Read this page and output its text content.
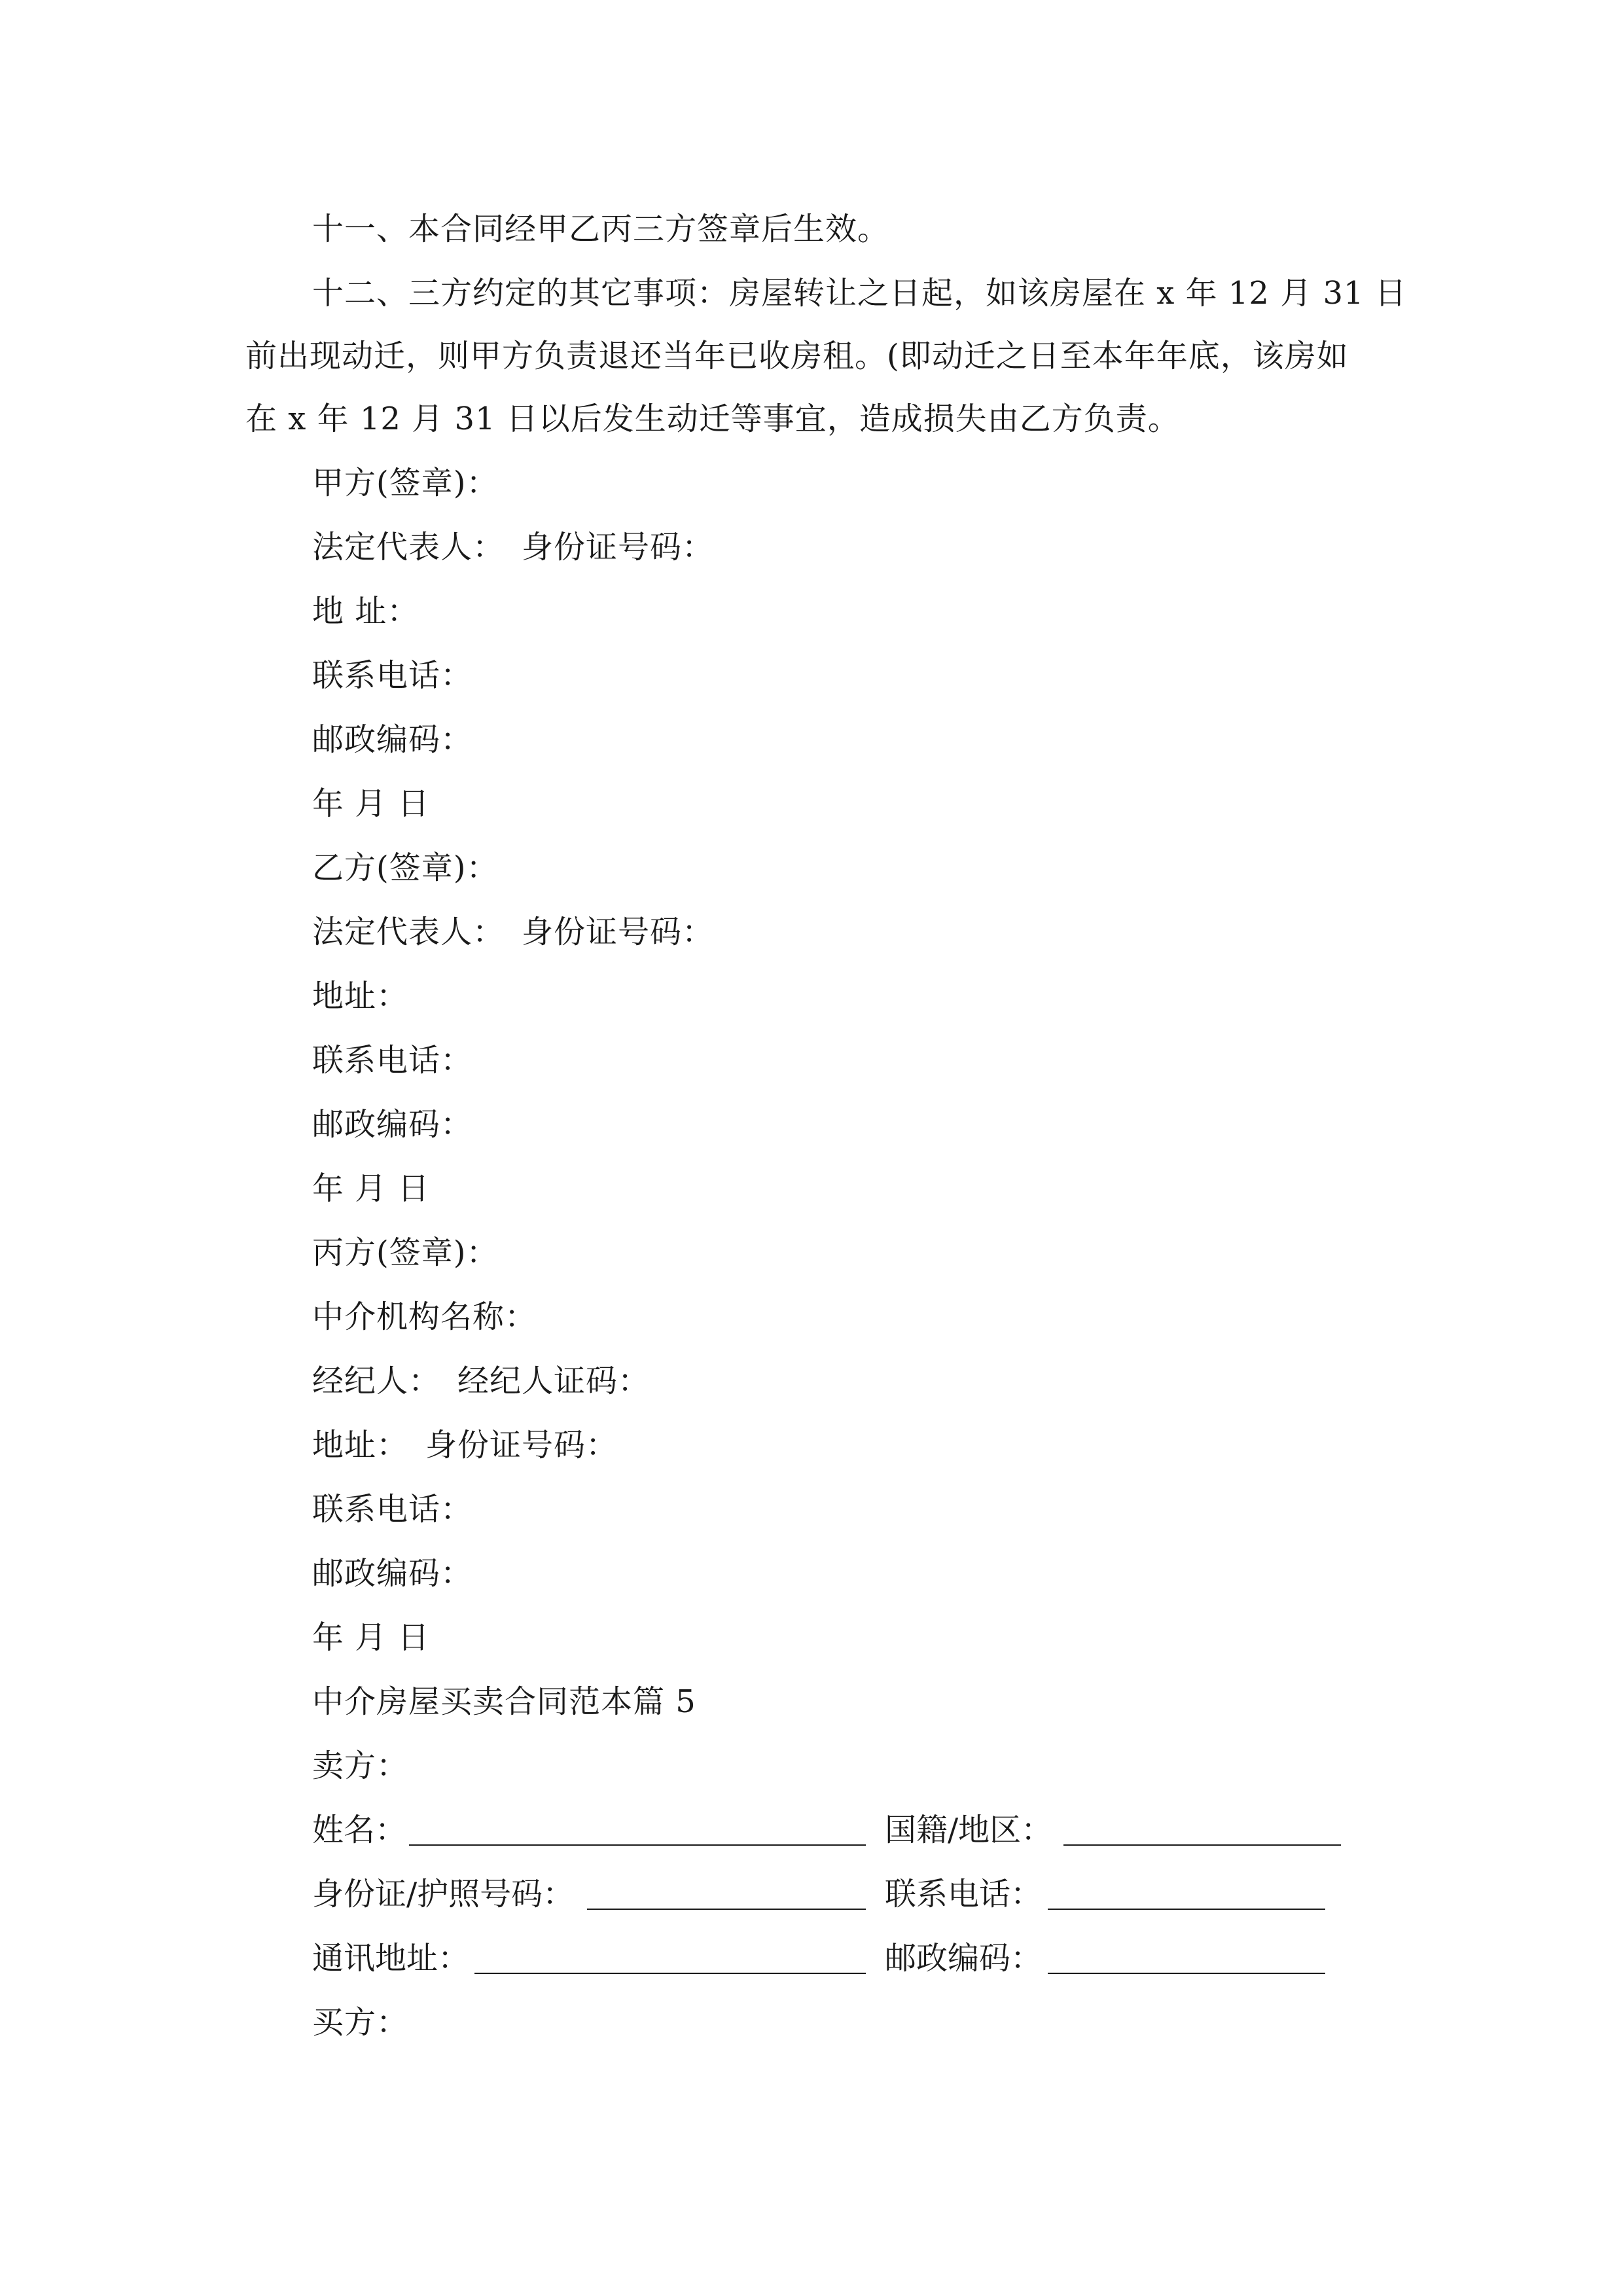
十一、本合同经甲乙丙三方签章后生效。
十二、三方约定的其它事项：房屋转让之日起，如该房屋在 x 年 12 月 31 日
前出现动迁，则甲方负责退还当年已收房租。(即动迁之日至本年年底，该房如
在 x 年 12 月 31 日以后发生动迁等事宜，造成损失由乙方负责。
甲方(签章)：
法定代表人： 身份证号码：
地 址：
联系电话：
邮政编码：
年 月 日
乙方(签章)：
法定代表人： 身份证号码：
地址：
联系电话：
邮政编码：
年 月 日
丙方(签章)：
中介机构名称：
经纪人： 经纪人证码：
地址： 身份证号码：
联系电话：
邮政编码：
年 月 日
中介房屋买卖合同范本篇 5
卖方：
姓名：	国籍/地区：
身份证/护照号码：	联系电话：
通讯地址：	邮政编码：
买方：
